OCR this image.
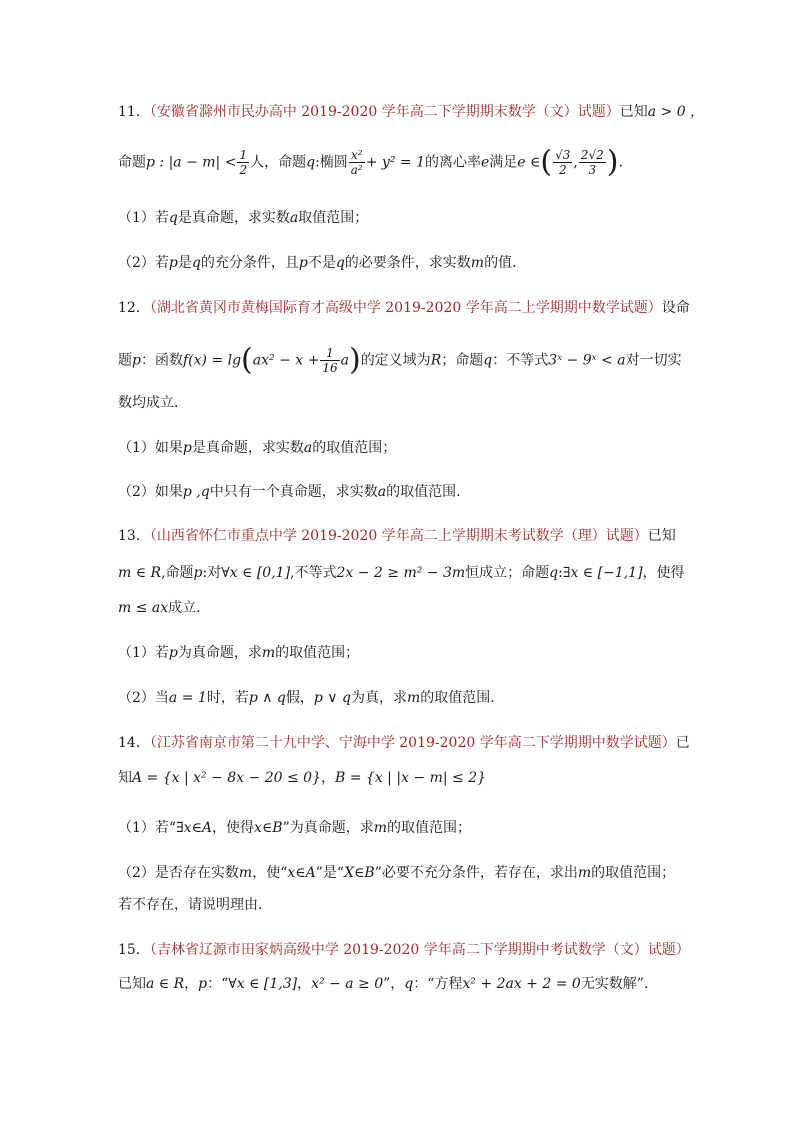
11．（安徽省滁州市民办高中 2019-2020 学年高二下学期期末数学（文）试题）已知a > 0 ，
命题p : $|a - m| < \frac{1}{2}$ 人，命题q:椭圆 $\frac{\text{x²}}{\text{a²}} + y^2 = 1$的离心率e满足e ∈( $\frac{√3}{2}$ , $\frac{2√2}{3}$ ).
（1）若q是真命题，求实数a取值范围；
（2）若p是q的充分条件，且p不是q的必要条件，求实数m的值．
12．（湖北省黄冈市黄梅国际育才高级中学 2019-2020 学年高二上学期期中数学试题）设命
题p：函数$f(x) = \lg(ax^2 - x + \frac{1}{16} a)$的定义域为R；命题q：不等式3ˣ − 9ˣ < a对一切实
数均成立.
（1）如果p是真命题，求实数a的取值范围；
（2）如果p ,q中只有一个真命题，求实数a的取值范围.
13．（山西省怀仁市重点中学 2019-2020 学年高二上学期期末考试数学（理）试题）已知
m ∈ R,命题p:对∀x ∈ [0,1],不等式2x − 2 ≥ m² − 3m恒成立；命题q:∃x ∈ [−1,1]，使得
m ≤ ax成立.
（1）若p为真命题，求m的取值范围；
（2）当a = 1时，若p ∧ q假，p ∨ q为真，求m的取值范围.
14．（江苏省南京市第二十九中学、宁海中学 2019-2020 学年高二下学期期中数学试题）已
知A = {x | x² − 8x − 20 ≤ 0}，B = {x | |x − m| ≤ 2}
（1）若“∃x∈A，使得x∈B”为真命题，求m的取值范围；
（2）是否存在实数m，使“x∈A”是“X∈B”必要不充分条件，若存在，求出m的取值范围；
若不存在，请说明理由.
15．（吉林省辽源市田家炳高级中学 2019-2020 学年高二下学期期中考试数学（文）试题）
已知a ∈ R，p：“∀x ∈ [1,3]，x² − a ≥ 0”，q：“方程x² + 2ax + 2 = 0无实数解”.
